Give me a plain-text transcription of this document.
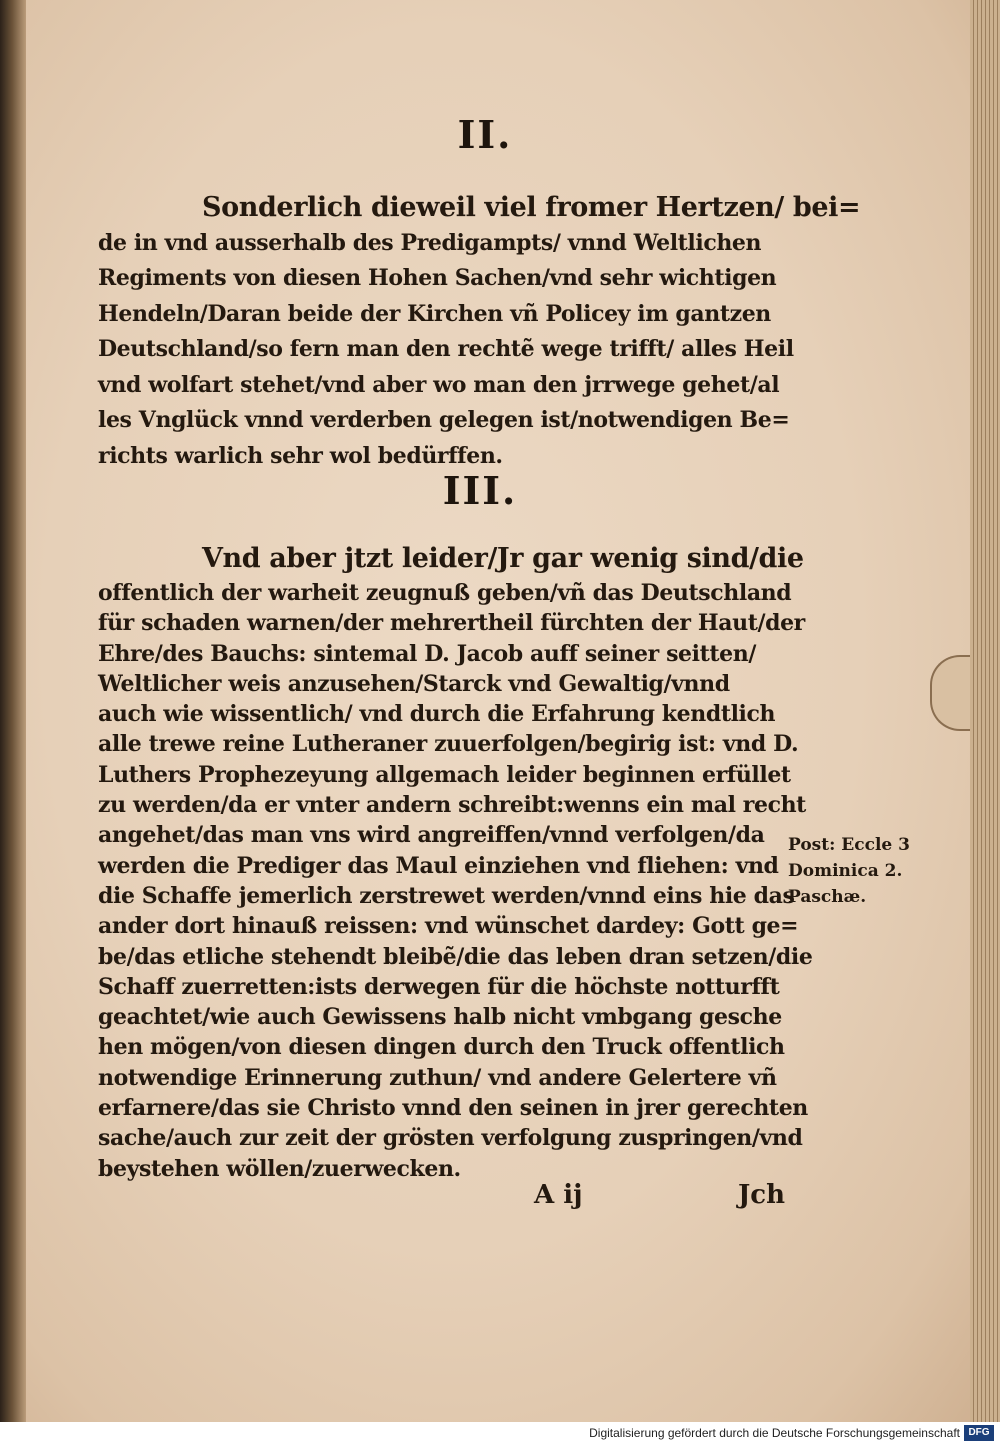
II.
Sonderlich dieweil viel fromer Hertzen/ bei=
de in vnd ausserhalb des Predigampts/ vnnd Weltlichen
Regiments von diesen Hohen Sachen/vnd sehr wichtigen
Hendeln/Daran beide der Kirchen vñ Policey im gantzen
Deutschland/so fern man den rechtẽ wege trifft/ alles Heil
vnd wolfart stehet/vnd aber wo man den jrrwege gehet/al
les Vnglück vnnd verderben gelegen ist/notwendigen Be=
richts warlich sehr wol bedürffen.
III.
Vnd aber jtzt leider/Jr gar wenig sind/die
offentlich der warheit zeugnuß geben/vñ das Deutschland
für schaden warnen/der mehrertheil fürchten der Haut/der
Ehre/des Bauchs: sintemal D. Jacob auff seiner seitten/
Weltlicher weis anzusehen/Starck vnd Gewaltig/vnnd
auch wie wissentlich/ vnd durch die Erfahrung kendtlich
alle trewe reine Lutheraner zuuerfolgen/begirig ist: vnd D.
Luthers Prophezeyung allgemach leider beginnen erfüllet
zu werden/da er vnter andern schreibt:wenns ein mal recht
angehet/das man vns wird angreiffen/vnnd verfolgen/da
werden die Prediger das Maul einziehen vnd fliehen: vnd
die Schaffe jemerlich zerstrewet werden/vnnd eins hie das
ander dort hinauß reissen: vnd wünschet dardey: Gott ge=
be/das etliche stehendt bleibẽ/die das leben dran setzen/die
Schaff zuerretten:ists derwegen für die höchste notturfft
geachtet/wie auch Gewissens halb nicht vmbgang gesche
hen mögen/von diesen dingen durch den Truck offentlich
notwendige Erinnerung zuthun/ vnd andere Gelertere vñ
erfarnere/das sie Christo vnnd den seinen in jrer gerechten
sache/auch zur zeit der grösten verfolgung zuspringen/vnd
beystehen wöllen/zuerwecken.
Post: Eccle 3
Dominica 2.
Paschæ.
A ij	Jch
Digitalisierung gefördert durch die Deutsche Forschungsgemeinschaft DFG
